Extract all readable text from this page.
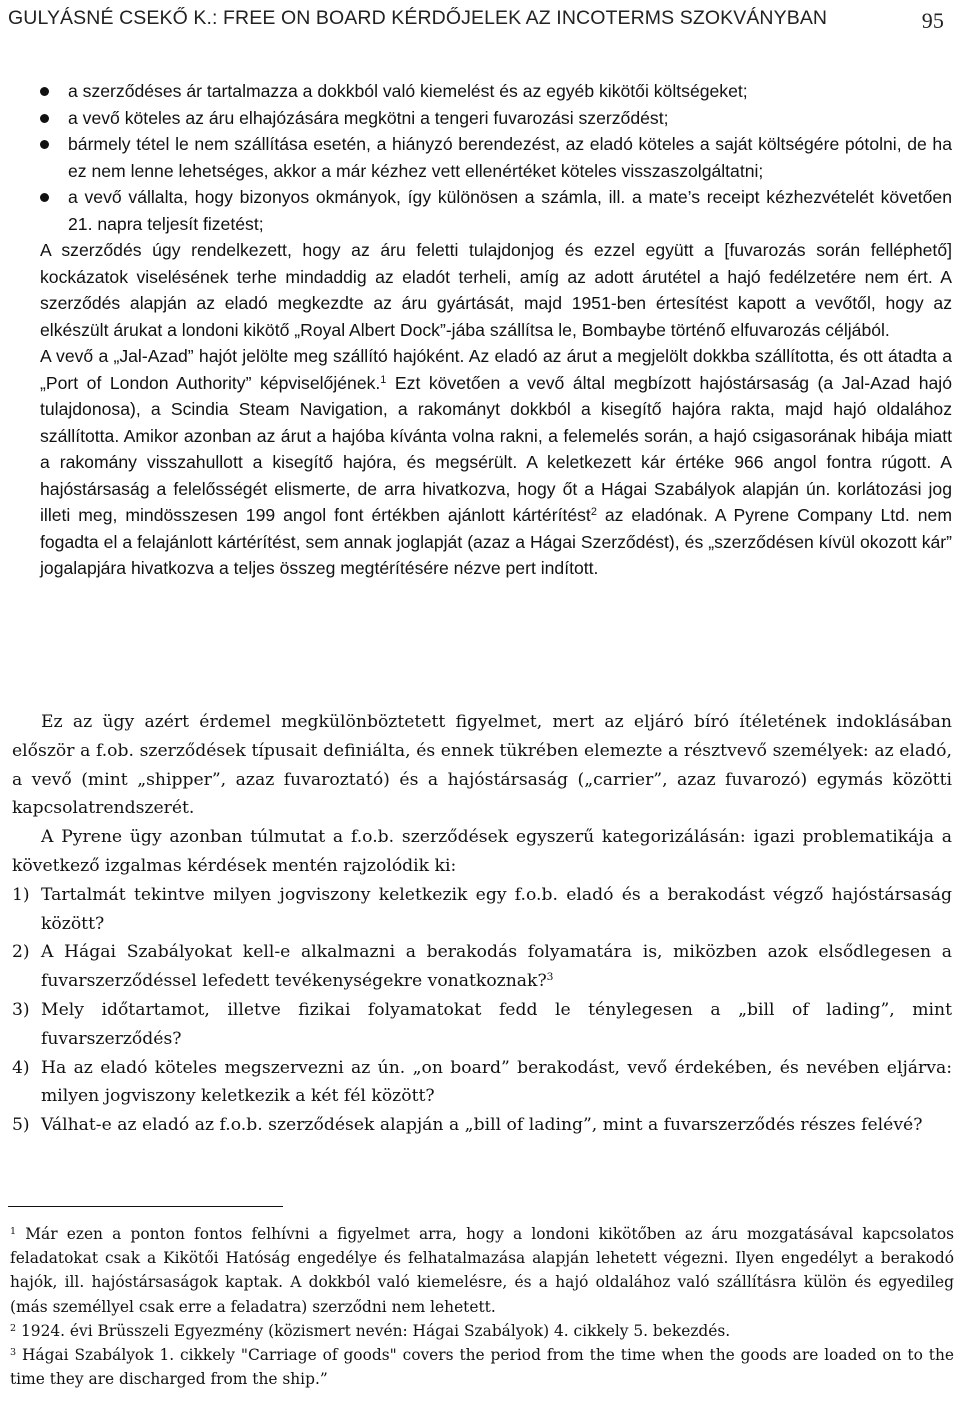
GULYÁSNÉ CSEKŐ K.: FREE ON BOARD KÉRDŐJELEK AZ INCOTERMS SZOKVÁNYBAN	95
a szerződéses ár tartalmazza a dokkból való kiemelést és az egyéb kikötői költségeket;
a vevő köteles az áru elhajózására megkötni a tengeri fuvarozási szerződést;
bármely tétel le nem szállítása esetén, a hiányzó berendezést, az eladó köteles a saját költségére pótolni, de ha ez nem lenne lehetséges, akkor a már kézhez vett ellenértéket köteles visszaszolgáltatni;
a vevő vállalta, hogy bizonyos okmányok, így különösen a számla, ill. a mate’s receipt kézhezvételét követően 21. napra teljesít fizetést;

A szerződés úgy rendelkezett, hogy az áru feletti tulajdonjog és ezzel együtt a [fuvarozás során felléphető] kockázatok viselésének terhe mindaddig az eladót terheli, amíg az adott árutétel a hajó fedélzetére nem ért. A szerződés alapján az eladó megkezdte az áru gyártását, majd 1951-ben értesítést kapott a vevőtől, hogy az elkészült árukat a londoni kikötő „Royal Albert Dock”-jába szállítsa le, Bombaybe történő elfuvarozás céljából.

A vevő a „Jal-Azad” hajót jelölte meg szállító hajóként. Az eladó az árut a megjelölt dokkba szállította, és ott átadta a „Port of London Authority” képviselőjének.$^1$ Ezt követően a vevő által megbízott hajóstársaság (a Jal-Azad hajó tulajdonosa), a Scindia Steam Navigation, a rakományt dokkból a kisegítő hajóra rakta, majd hajó oldalához szállította. Amikor azonban az árut a hajóba kívánta volna rakni, a felemelés során, a hajó csigasorának hibája miatt a rakomány visszahullott a kisegítő hajóra, és megsérült. A keletkezett kár értéke 966 angol fontra rúgott. A hajóstársaság a felelősségét elismerte, de arra hivatkozva, hogy őt a Hágai Szabályok alapján ún. korlátozási jog illeti meg, mindösszesen 199 angol font értékben ajánlott kártérítést$^2$ az eladónak. A Pyrene Company Ltd. nem fogadta el a felajánlott kártérítést, sem annak joglapját (azaz a Hágai Szerződést), és „szerződésen kívül okozott kár” jogalapjára hivatkozva a teljes összeg megtérítésére nézve pert indított.

Ez az ügy azért érdemel megkülönböztetett figyelmet, mert az eljáró bíró ítéletének indoklásában először a f.ob. szerződések típusait definiálta, és ennek tükrében elemezte a résztvevő személyek: az eladó, a vevő (mint „shipper”, azaz fuvaroztató) és a hajóstársaság („carrier”, azaz fuvarozó) egymás közötti kapcsolatrendszerét.

A Pyrene ügy azonban túlmutat a f.o.b. szerződések egyszerű kategorizálásán: igazi problematikája a következő izgalmas kérdések mentén rajzolódik ki:

1) Tartalmát tekintve milyen jogviszony keletkezik egy f.o.b. eladó és a berakodást végző hajóstársaság között?
2) A Hágai Szabályokat kell-e alkalmazni a berakodás folyamatára is, miközben azok elsődlegesen a fuvarszerződéssel lefedett tevékenységekre vonatkoznak?$^3$
3) Mely időtartamot, illetve fizikai folyamatokat fedd le ténylegesen a „bill of lading”, mint fuvarszerződés?
4) Ha az eladó köteles megszervezni az ún. „on board” berakodást, vevő érdekében, és nevében eljárva: milyen jogviszony keletkezik a két fél között?
5) Válhat-e az eladó az f.o.b. szerződések alapján a „bill of lading”, mint a fuvarszerződés részes felévé?

$^1$ Már ezen a ponton fontos felhívni a figyelmet arra, hogy a londoni kikötőben az áru mozgatásával kapcsolatos feladatokat csak a Kikötői Hatóság engedélye és felhatalmazása alapján lehetett végezni. Ilyen engedélyt a berakodó hajók, ill. hajóstársaságok kaptak. A dokkból való kiemelésre, és a hajó oldalához való szállításra külön és egyedileg (más személlyel csak erre a feladatra) szerződni nem lehetett.

$^2$ 1924. évi Brüsszeli Egyezmény (közismert nevén: Hágai Szabályok) 4. cikkely 5. bekezdés.

$^3$ Hágai Szabályok 1. cikkely "Carriage of goods" covers the period from the time when the goods are loaded on to the time they are discharged from the ship.”
